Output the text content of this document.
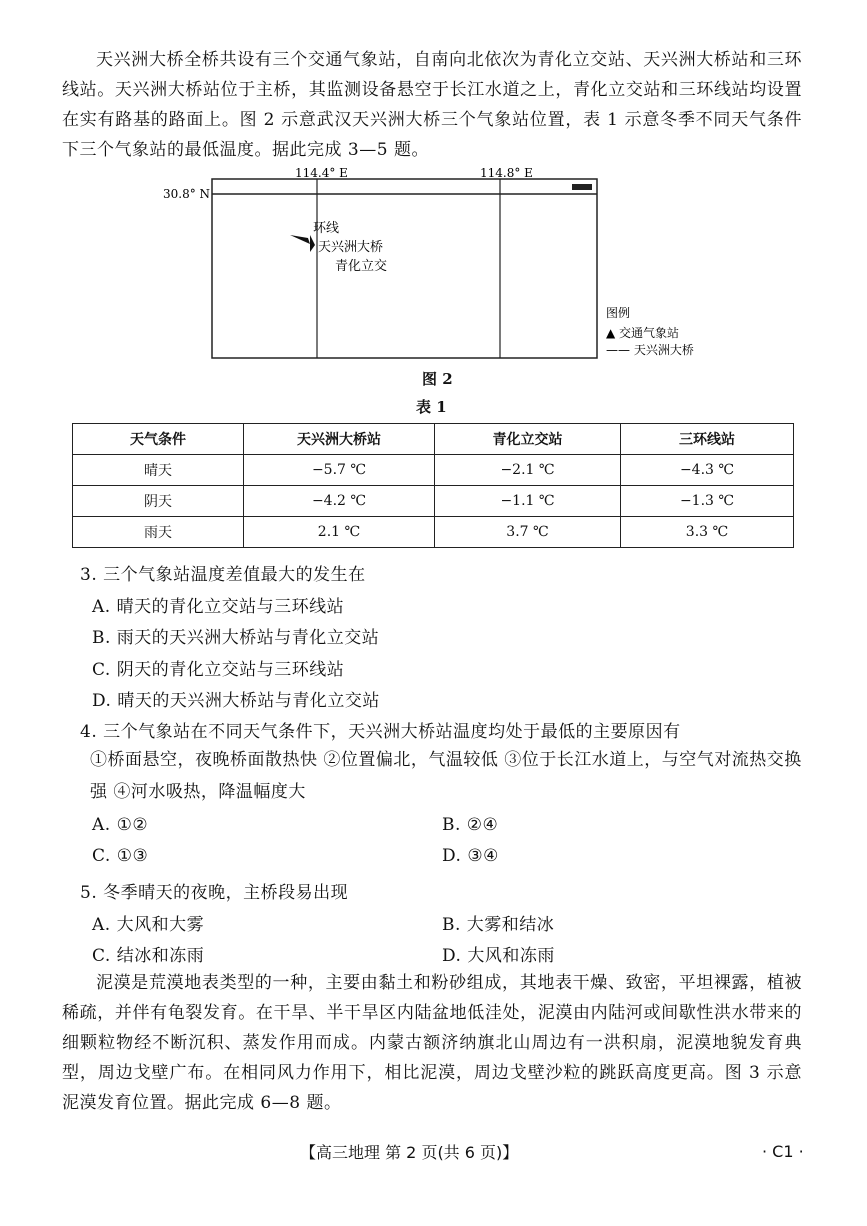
天兴洲大桥全桥共设有三个交通气象站，自南向北依次为青化立交站、天兴洲大桥站和三环线站。天兴洲大桥站位于主桥，其监测设备悬空于长江水道之上，青化立交站和三环线站均设置在实有路基的路面上。图 2 示意武汉天兴洲大桥三个气象站位置，表 1 示意冬季不同天气条件下三个气象站的最低温度。据此完成 3—5 题。
114.4° E	114.8° E
30.8° N
环线
天兴洲大桥
青化立交
图例
▲ 交通气象站
—— 天兴洲大桥
图 2
表 1
天气条件	天兴洲大桥站	青化立交站	三环线站
晴天	−5.7 ℃	−2.1 ℃	−4.3 ℃
阴天	−4.2 ℃	−1.1 ℃	−1.3 ℃
雨天	2.1 ℃	3.7 ℃	3.3 ℃
3. 三个气象站温度差值最大的发生在
A. 晴天的青化立交站与三环线站
B. 雨天的天兴洲大桥站与青化立交站
C. 阴天的青化立交站与三环线站
D. 晴天的天兴洲大桥站与青化立交站
4. 三个气象站在不同天气条件下，天兴洲大桥站温度均处于最低的主要原因有
①桥面悬空，夜晚桥面散热快 ②位置偏北，气温较低 ③位于长江水道上，与空气对流热交换强 ④河水吸热，降温幅度大
A. ①②	B. ②④
C. ①③	D. ③④
5. 冬季晴天的夜晚，主桥段易出现
A. 大风和大雾	B. 大雾和结冰
C. 结冰和冻雨	D. 大风和冻雨
泥漠是荒漠地表类型的一种，主要由黏土和粉砂组成，其地表干燥、致密，平坦裸露，植被稀疏，并伴有龟裂发育。在干旱、半干旱区内陆盆地低洼处，泥漠由内陆河或间歇性洪水带来的细颗粒物经不断沉积、蒸发作用而成。内蒙古额济纳旗北山周边有一洪积扇，泥漠地貌发育典型，周边戈壁广布。在相同风力作用下，相比泥漠，周边戈壁沙粒的跳跃高度更高。图 3 示意泥漠发育位置。据此完成 6—8 题。
【高三地理 第 2 页(共 6 页)】	· C1 ·
